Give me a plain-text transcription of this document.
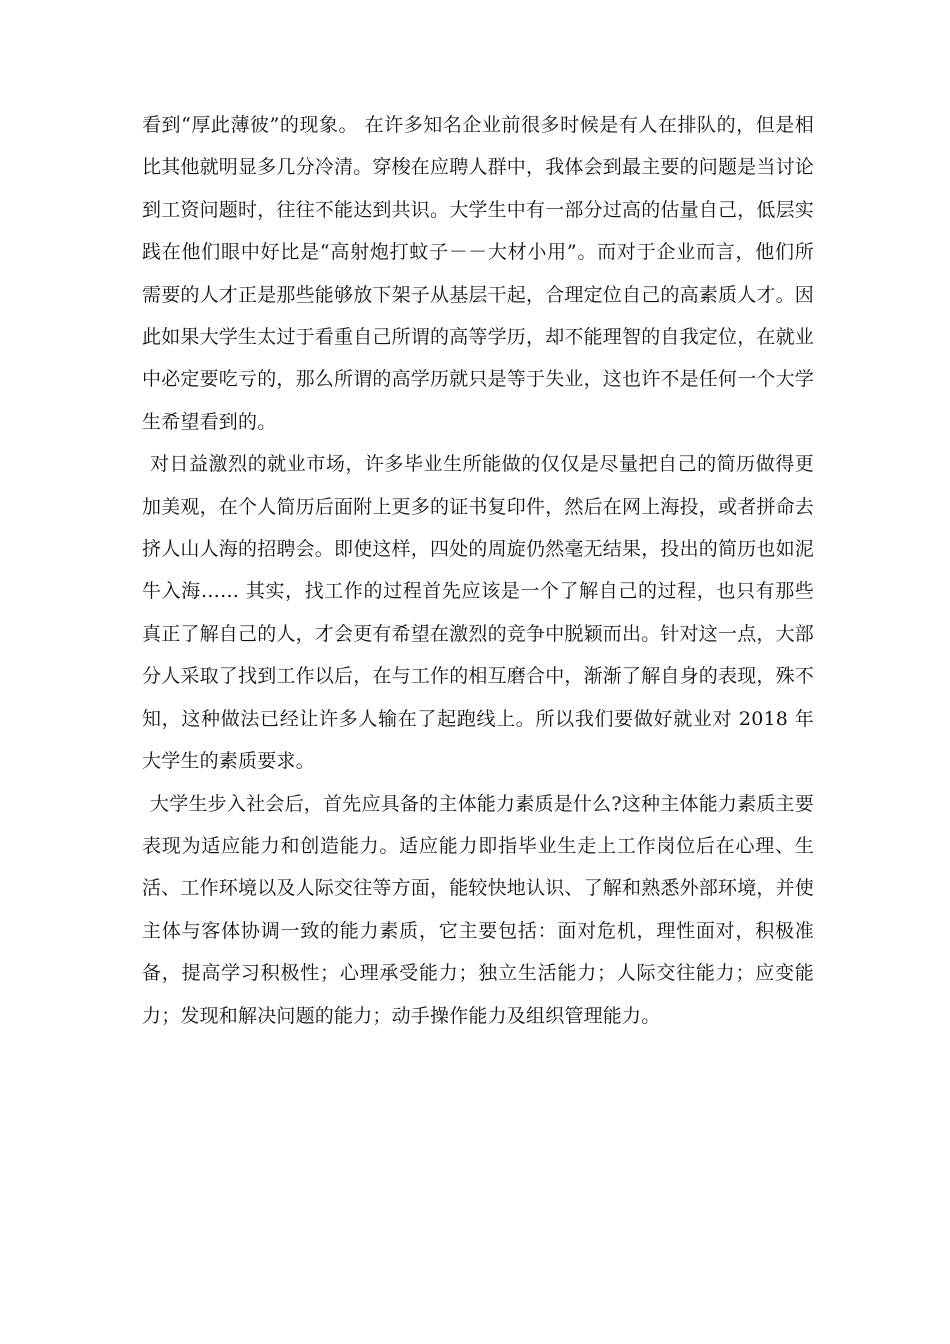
看到“厚此薄彼”的现象。 在许多知名企业前很多时候是有人在排队的，但是相比其他就明显多几分冷清。穿梭在应聘人群中，我体会到最主要的问题是当讨论到工资问题时，往往不能达到共识。大学生中有一部分过高的估量自己，低层实践在他们眼中好比是“高射炮打蚊子－－大材小用”。而对于企业而言，他们所需要的人才正是那些能够放下架子从基层干起，合理定位自己的高素质人才。因此如果大学生太过于看重自己所谓的高等学历，却不能理智的自我定位，在就业中必定要吃亏的，那么所谓的高学历就只是等于失业，这也许不是任何一个大学生希望看到的。

对日益激烈的就业市场，许多毕业生所能做的仅仅是尽量把自己的简历做得更加美观，在个人简历后面附上更多的证书复印件，然后在网上海投，或者拼命去挤人山人海的招聘会。即使这样，四处的周旋仍然毫无结果，投出的简历也如泥牛入海…… 其实，找工作的过程首先应该是一个了解自己的过程，也只有那些真正了解自己的人，才会更有希望在激烈的竞争中脱颖而出。针对这一点，大部分人采取了找到工作以后，在与工作的相互磨合中，渐渐了解自身的表现，殊不知，这种做法已经让许多人输在了起跑线上。所以我们要做好就业对 2018 年大学生的素质要求。

大学生步入社会后，首先应具备的主体能力素质是什么?这种主体能力素质主要表现为适应能力和创造能力。适应能力即指毕业生走上工作岗位后在心理、生活、工作环境以及人际交往等方面，能较快地认识、了解和熟悉外部环境，并使主体与客体协调一致的能力素质，它主要包括：面对危机，理性面对，积极准备，提高学习积极性；心理承受能力；独立生活能力；人际交往能力；应变能力；发现和解决问题的能力；动手操作能力及组织管理能力。
